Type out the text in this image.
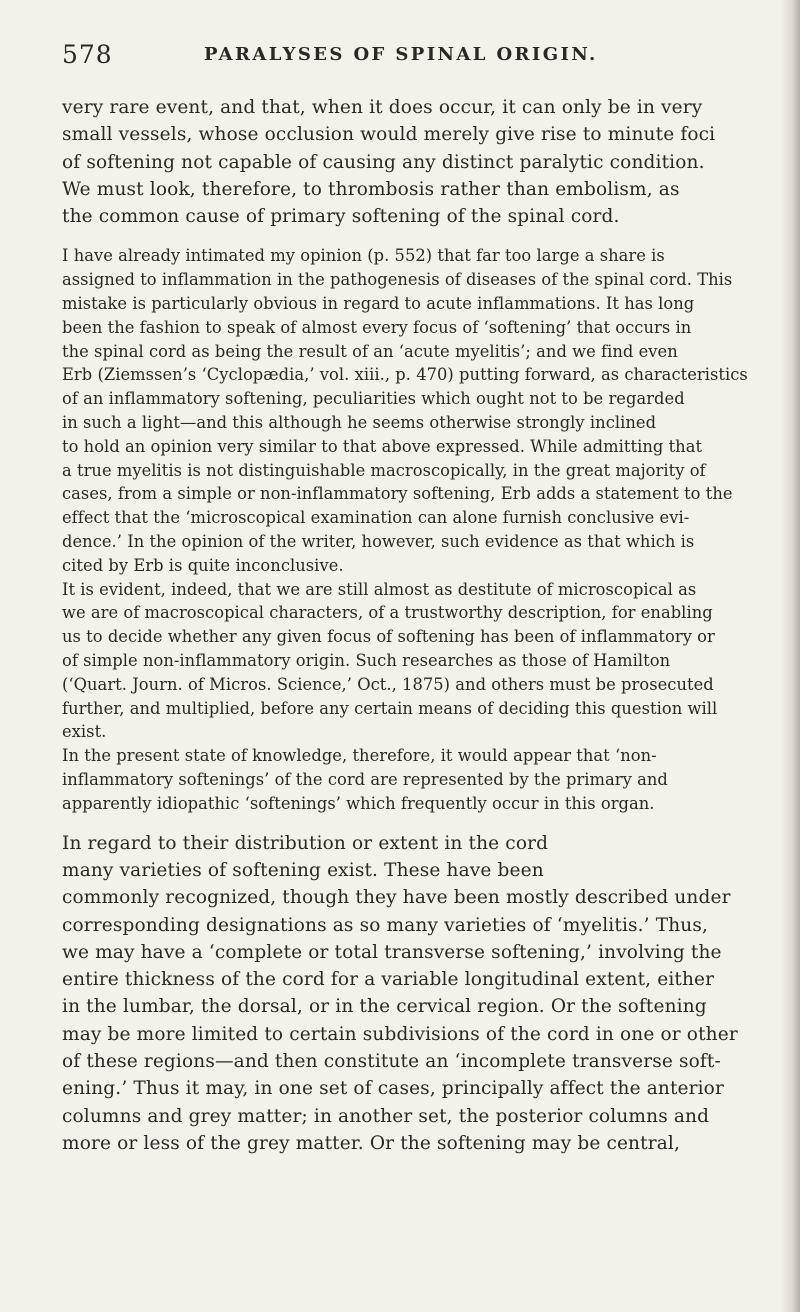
578	PARALYSES OF SPINAL ORIGIN.
very rare event, and that, when it does occur, it can only be in very
small vessels, whose occlusion would merely give rise to minute foci
of softening not capable of causing any distinct paralytic condition.
We must look, therefore, to thrombosis rather than embolism, as
the common cause of primary softening of the spinal cord.
I have already intimated my opinion (p. 552) that far too large a share is
assigned to inflammation in the pathogenesis of diseases of the spinal cord. This
mistake is particularly obvious in regard to acute inflammations. It has long
been the fashion to speak of almost every focus of ‘softening’ that occurs in
the spinal cord as being the result of an ‘acute myelitis’; and we find even
Erb (Ziemssen’s ‘Cyclopædia,’ vol. xiii., p. 470) putting forward, as characteristics
of an inflammatory softening, peculiarities which ought not to be regarded
in such a light—and this although he seems otherwise strongly inclined
to hold an opinion very similar to that above expressed. While admitting that
a true myelitis is not distinguishable macroscopically, in the great majority of
cases, from a simple or non-inflammatory softening, Erb adds a statement to the
effect that the ‘microscopical examination can alone furnish conclusive evi-
dence.’ In the opinion of the writer, however, such evidence as that which is
cited by Erb is quite inconclusive.
It is evident, indeed, that we are still almost as destitute of microscopical as
we are of macroscopical characters, of a trustworthy description, for enabling
us to decide whether any given focus of softening has been of inflammatory or
of simple non-inflammatory origin. Such researches as those of Hamilton
(‘Quart. Journ. of Micros. Science,’ Oct., 1875) and others must be prosecuted
further, and multiplied, before any certain means of deciding this question will
exist.
In the present state of knowledge, therefore, it would appear that ‘non-
inflammatory softenings’ of the cord are represented by the primary and
apparently idiopathic ‘softenings’ which frequently occur in this organ.
In regard to their distribution or extent in the cord
many varieties of softening exist. These have been
commonly recognized, though they have been mostly described under
corresponding designations as so many varieties of ‘myelitis.’ Thus,
we may have a ‘complete or total transverse softening,’ involving the
entire thickness of the cord for a variable longitudinal extent, either
in the lumbar, the dorsal, or in the cervical region. Or the softening
may be more limited to certain subdivisions of the cord in one or other
of these regions—and then constitute an ‘incomplete transverse soft-
ening.’ Thus it may, in one set of cases, principally affect the anterior
columns and grey matter; in another set, the posterior columns and
more or less of the grey matter. Or the softening may be central,
